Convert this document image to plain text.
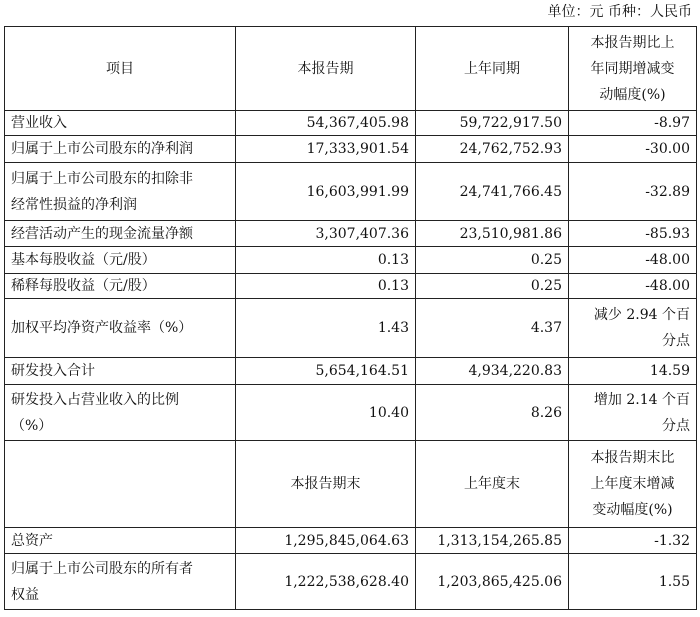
单位：元 币种：人民币
项目	本报告期	上年同期	本报告期比上
年同期增减变
动幅度(%)

营业收入	54,367,405.98	59,722,917.50	-8.97
归属于上市公司股东的净利润	17,333,901.54	24,762,752.93	-30.00

归属于上市公司股东的扣除非
经常性损益的净利润	16,603,991.99	24,741,766.45	-32.89
经营活动产生的现金流量净额	3,307,407.36	23,510,981.86	-85.93
基本每股收益（元/股）	0.13	0.25	-48.00
稀释每股收益（元/股）	0.13	0.25	-48.00
加权平均净资产收益率（%）	1.43	4.37	减少 2.94 个百
分点

研发投入合计	5,654,164.51	4,934,220.83	14.59

研发投入占营业收入的比例
（%）	10.40	8.26	增加 2.14 个百
分点

	本报告期末	上年度末	本报告期末比
上年度末增减
变动幅度(%)

总资产	1,295,845,064.63	1,313,154,265.85	-1.32

归属于上市公司股东的所有者
权益	1,222,538,628.40	1,203,865,425.06	1.55
